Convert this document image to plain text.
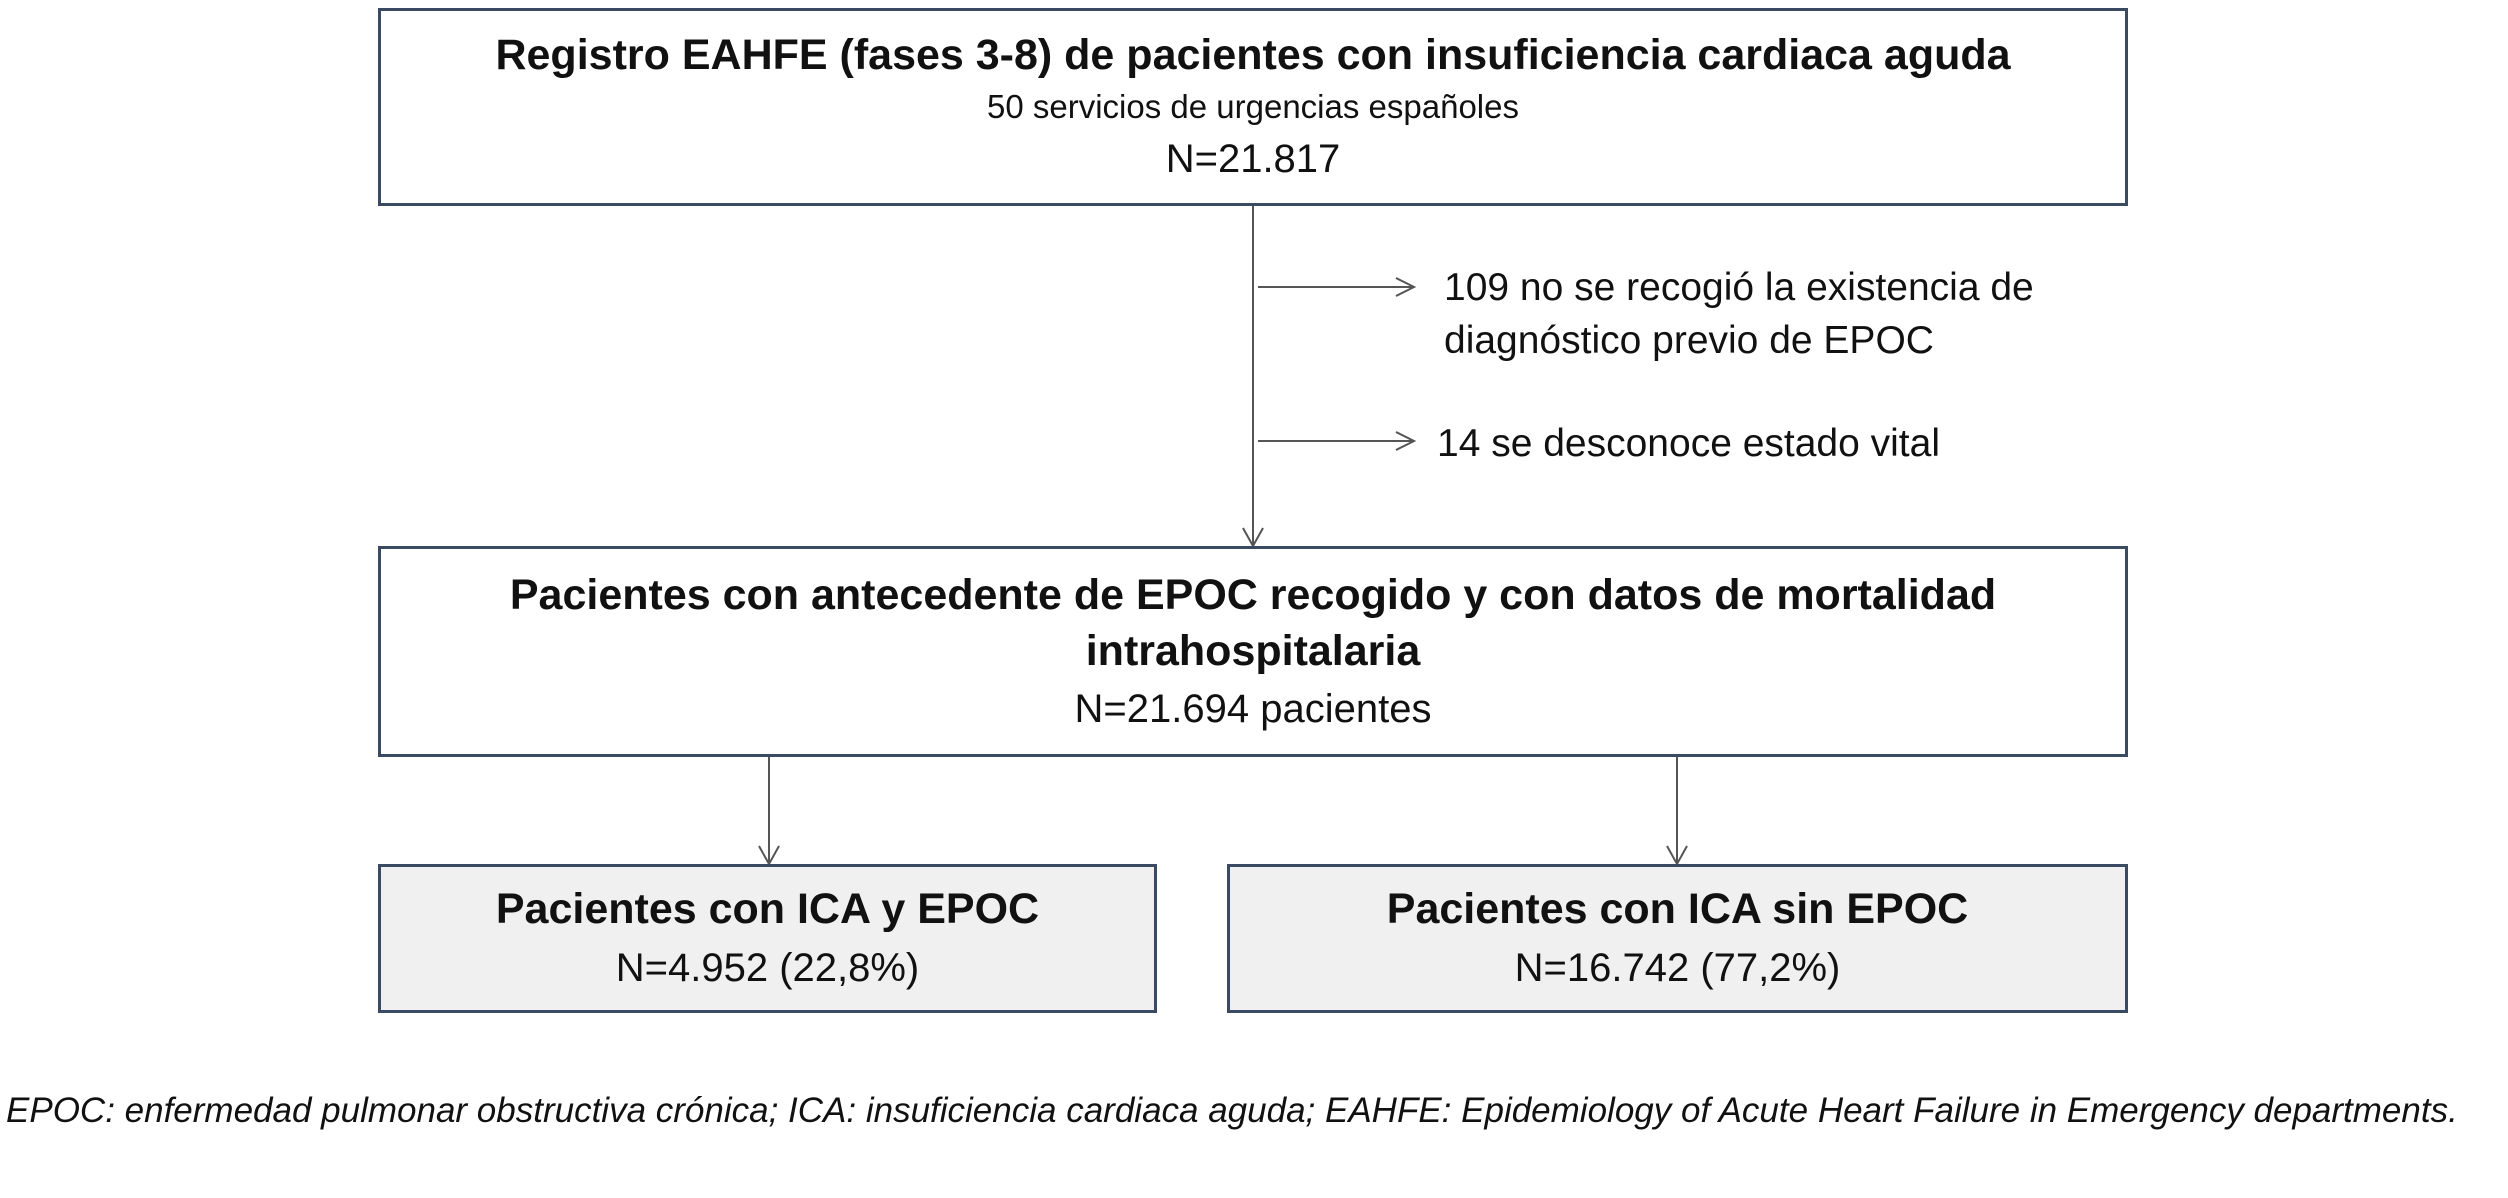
Registro EAHFE (fases 3-8) de pacientes con insuficiencia cardiaca aguda
50 servicios de urgencias españoles
N=21.817
109 no se recogió la existencia de diagnóstico previo de EPOC
14 se desconoce estado vital
Pacientes con antecedente de EPOC recogido y con datos de mortalidad intrahospitalaria
N=21.694 pacientes
Pacientes con ICA y EPOC
N=4.952 (22,8%)
Pacientes con ICA sin EPOC
N=16.742 (77,2%)
EPOC: enfermedad pulmonar obstructiva crónica; ICA: insuficiencia cardiaca aguda; EAHFE: Epidemiology of Acute Heart Failure in Emergency departments.
